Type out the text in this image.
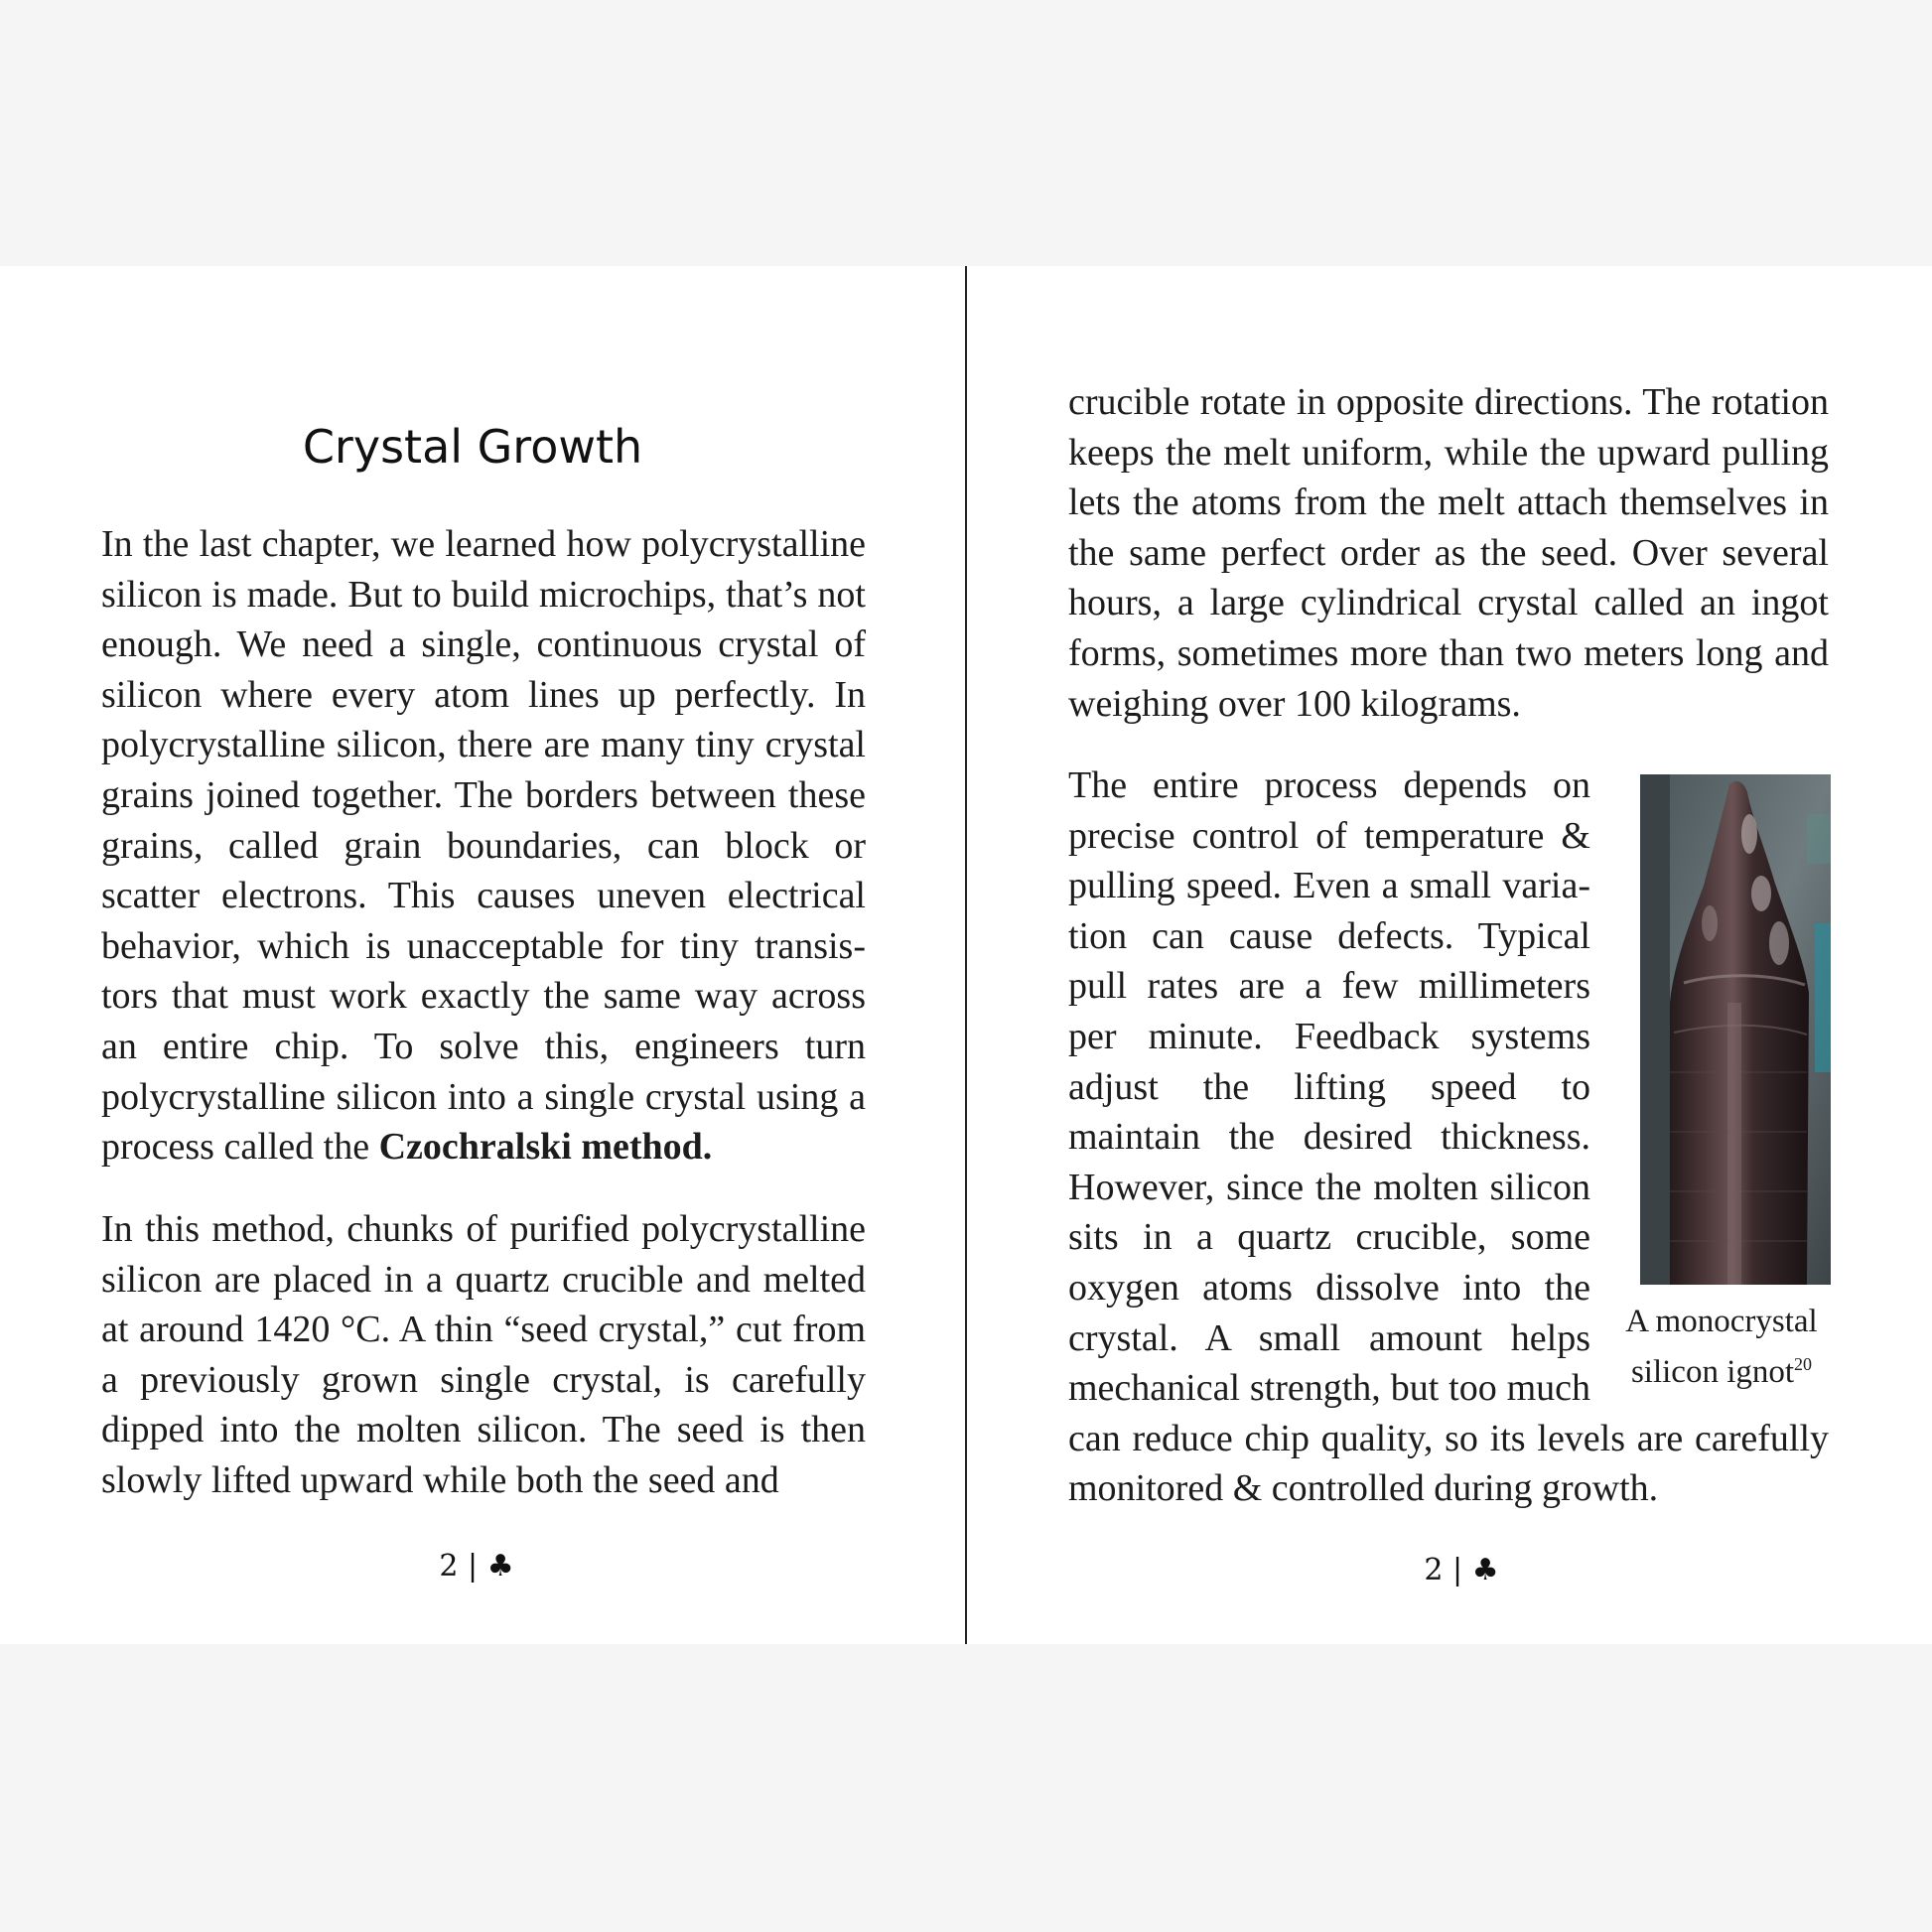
Crystal Growth

In the last chapter, we learned how polycrystalline silicon is made. But to build microchips, that’s not enough. We need a single, continuous crystal of silicon where every atom lines up perfectly. In polycrystalline silicon, there are many tiny crystal grains joined together. The borders between these grains, called grain boundaries, can block or scatter electrons. This causes uneven electrical behavior, which is unacceptable for tiny transistors that must work exactly the same way across an entire chip. To solve this, engineers turn polycrystalline silicon into a single crystal using a process called the Czochralski method.

In this method, chunks of purified polycrystalline silicon are placed in a quartz crucible and melted at around 1420 °C. A thin “seed crystal,” cut from a previously grown single crystal, is carefully dipped into the molten silicon. The seed is then slowly lifted upward while both the seed and

2 | ♣

crucible rotate in opposite directions. The rotation keeps the melt uniform, while the upward pulling lets the atoms from the melt attach themselves in the same perfect order as the seed. Over several hours, a large cylindrical crystal called an ingot forms, sometimes more than two meters long and weighing over 100 kilograms.

A monocrystal silicon ignot$^{20}$

The entire process depends on precise control of temperature & pulling speed. Even a small variation can cause defects. Typical pull rates are a few millimeters per minute. Feedback systems adjust the lifting speed to maintain the desired thickness. However, since the molten silicon sits in a quartz crucible, some oxygen atoms dissolve into the crystal. A small amount helps mechanical strength, but too much can reduce chip quality, so its levels are carefully monitored & controlled during growth.

2 | ♣
